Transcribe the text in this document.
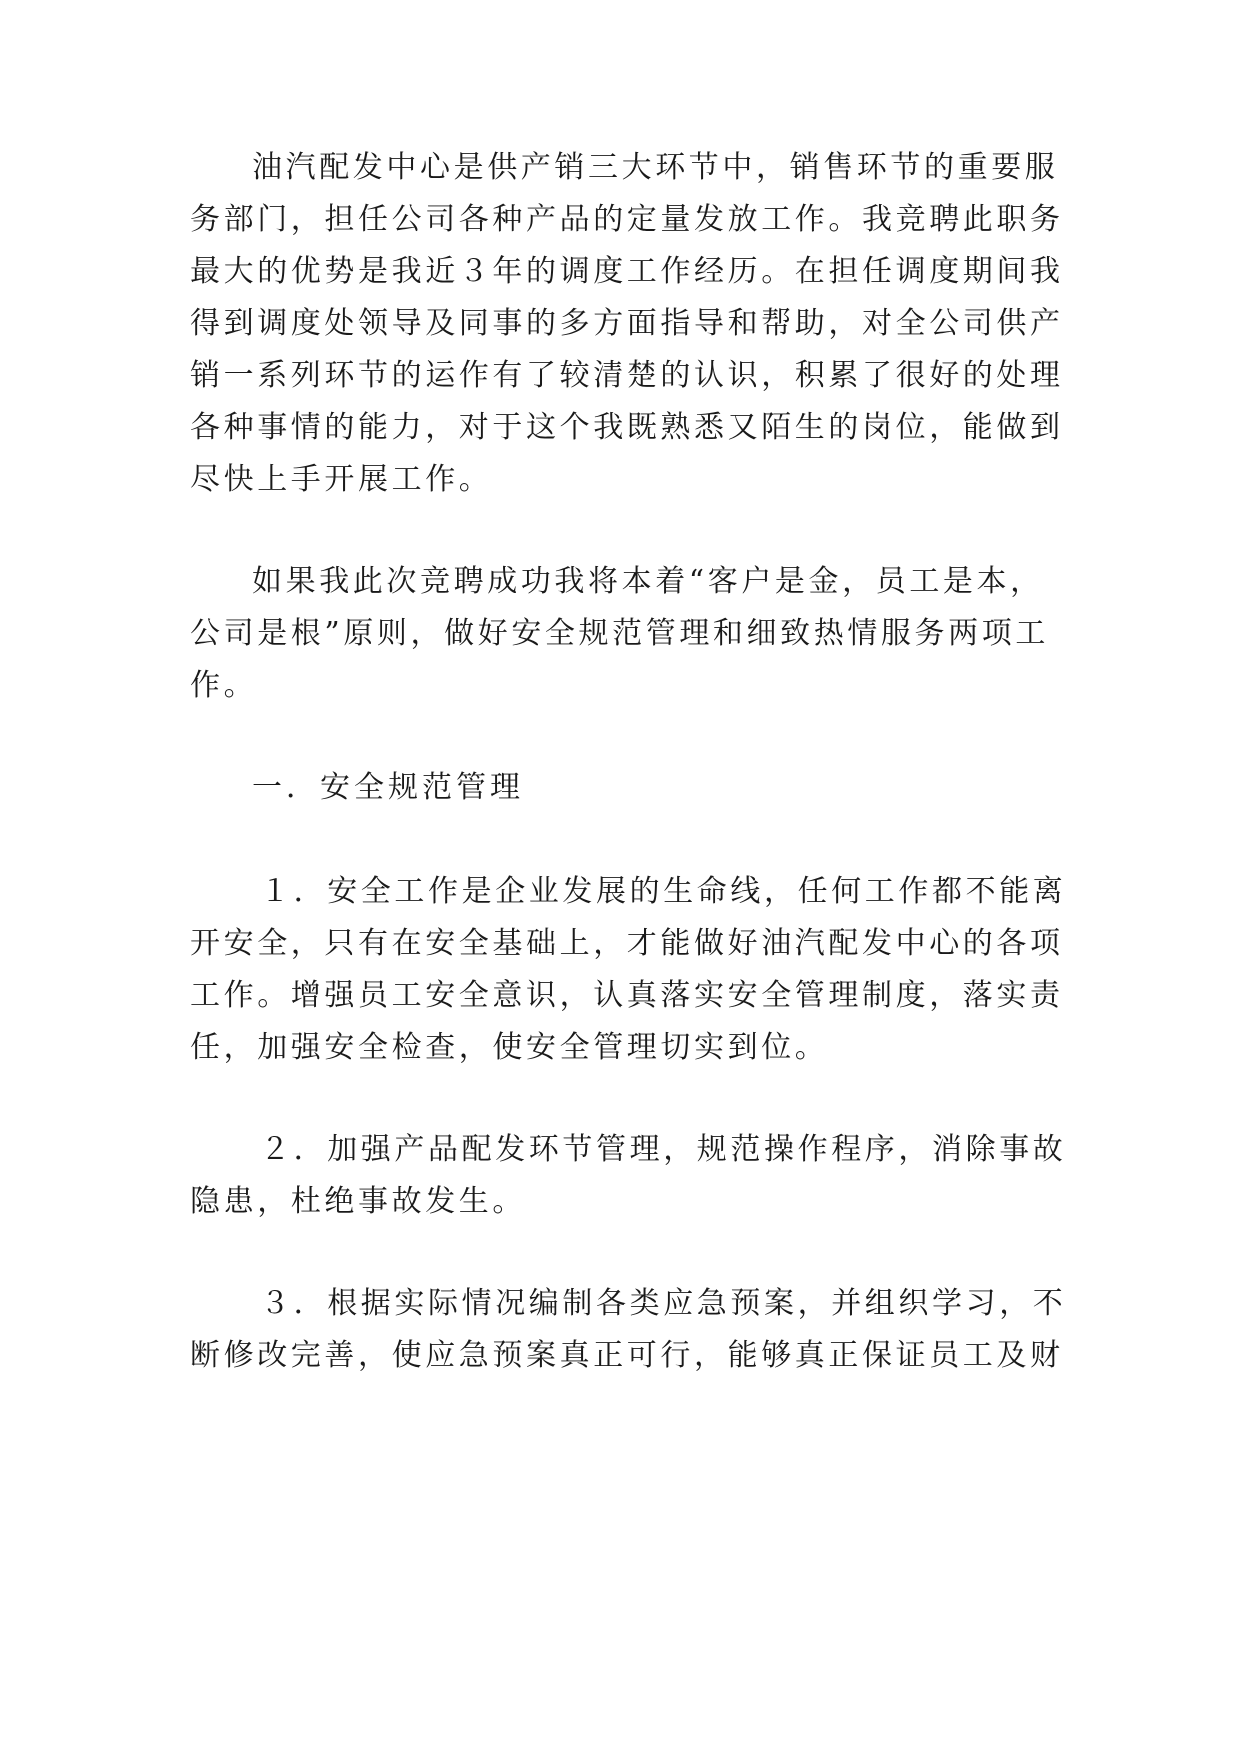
油汽配发中心是供产销三大环节中，销售环节的重要服

务部门，担任公司各种产品的定量发放工作。我竞聘此职务

最大的优势是我近３年的调度工作经历。在担任调度期间我

得到调度处领导及同事的多方面指导和帮助，对全公司供产

销一系列环节的运作有了较清楚的认识，积累了很好的处理

各种事情的能力，对于这个我既熟悉又陌生的岗位，能做到

尽快上手开展工作。

如果我此次竞聘成功我将本着“客户是金，员工是本，

公司是根”原则，做好安全规范管理和细致热情服务两项工

作。

一．安全规范管理

１．安全工作是企业发展的生命线，任何工作都不能离

开安全，只有在安全基础上，才能做好油汽配发中心的各项

工作。增强员工安全意识，认真落实安全管理制度，落实责

任，加强安全检查，使安全管理切实到位。

２．加强产品配发环节管理，规范操作程序，消除事故

隐患，杜绝事故发生。

３．根据实际情况编制各类应急预案，并组织学习，不

断修改完善，使应急预案真正可行，能够真正保证员工及财
